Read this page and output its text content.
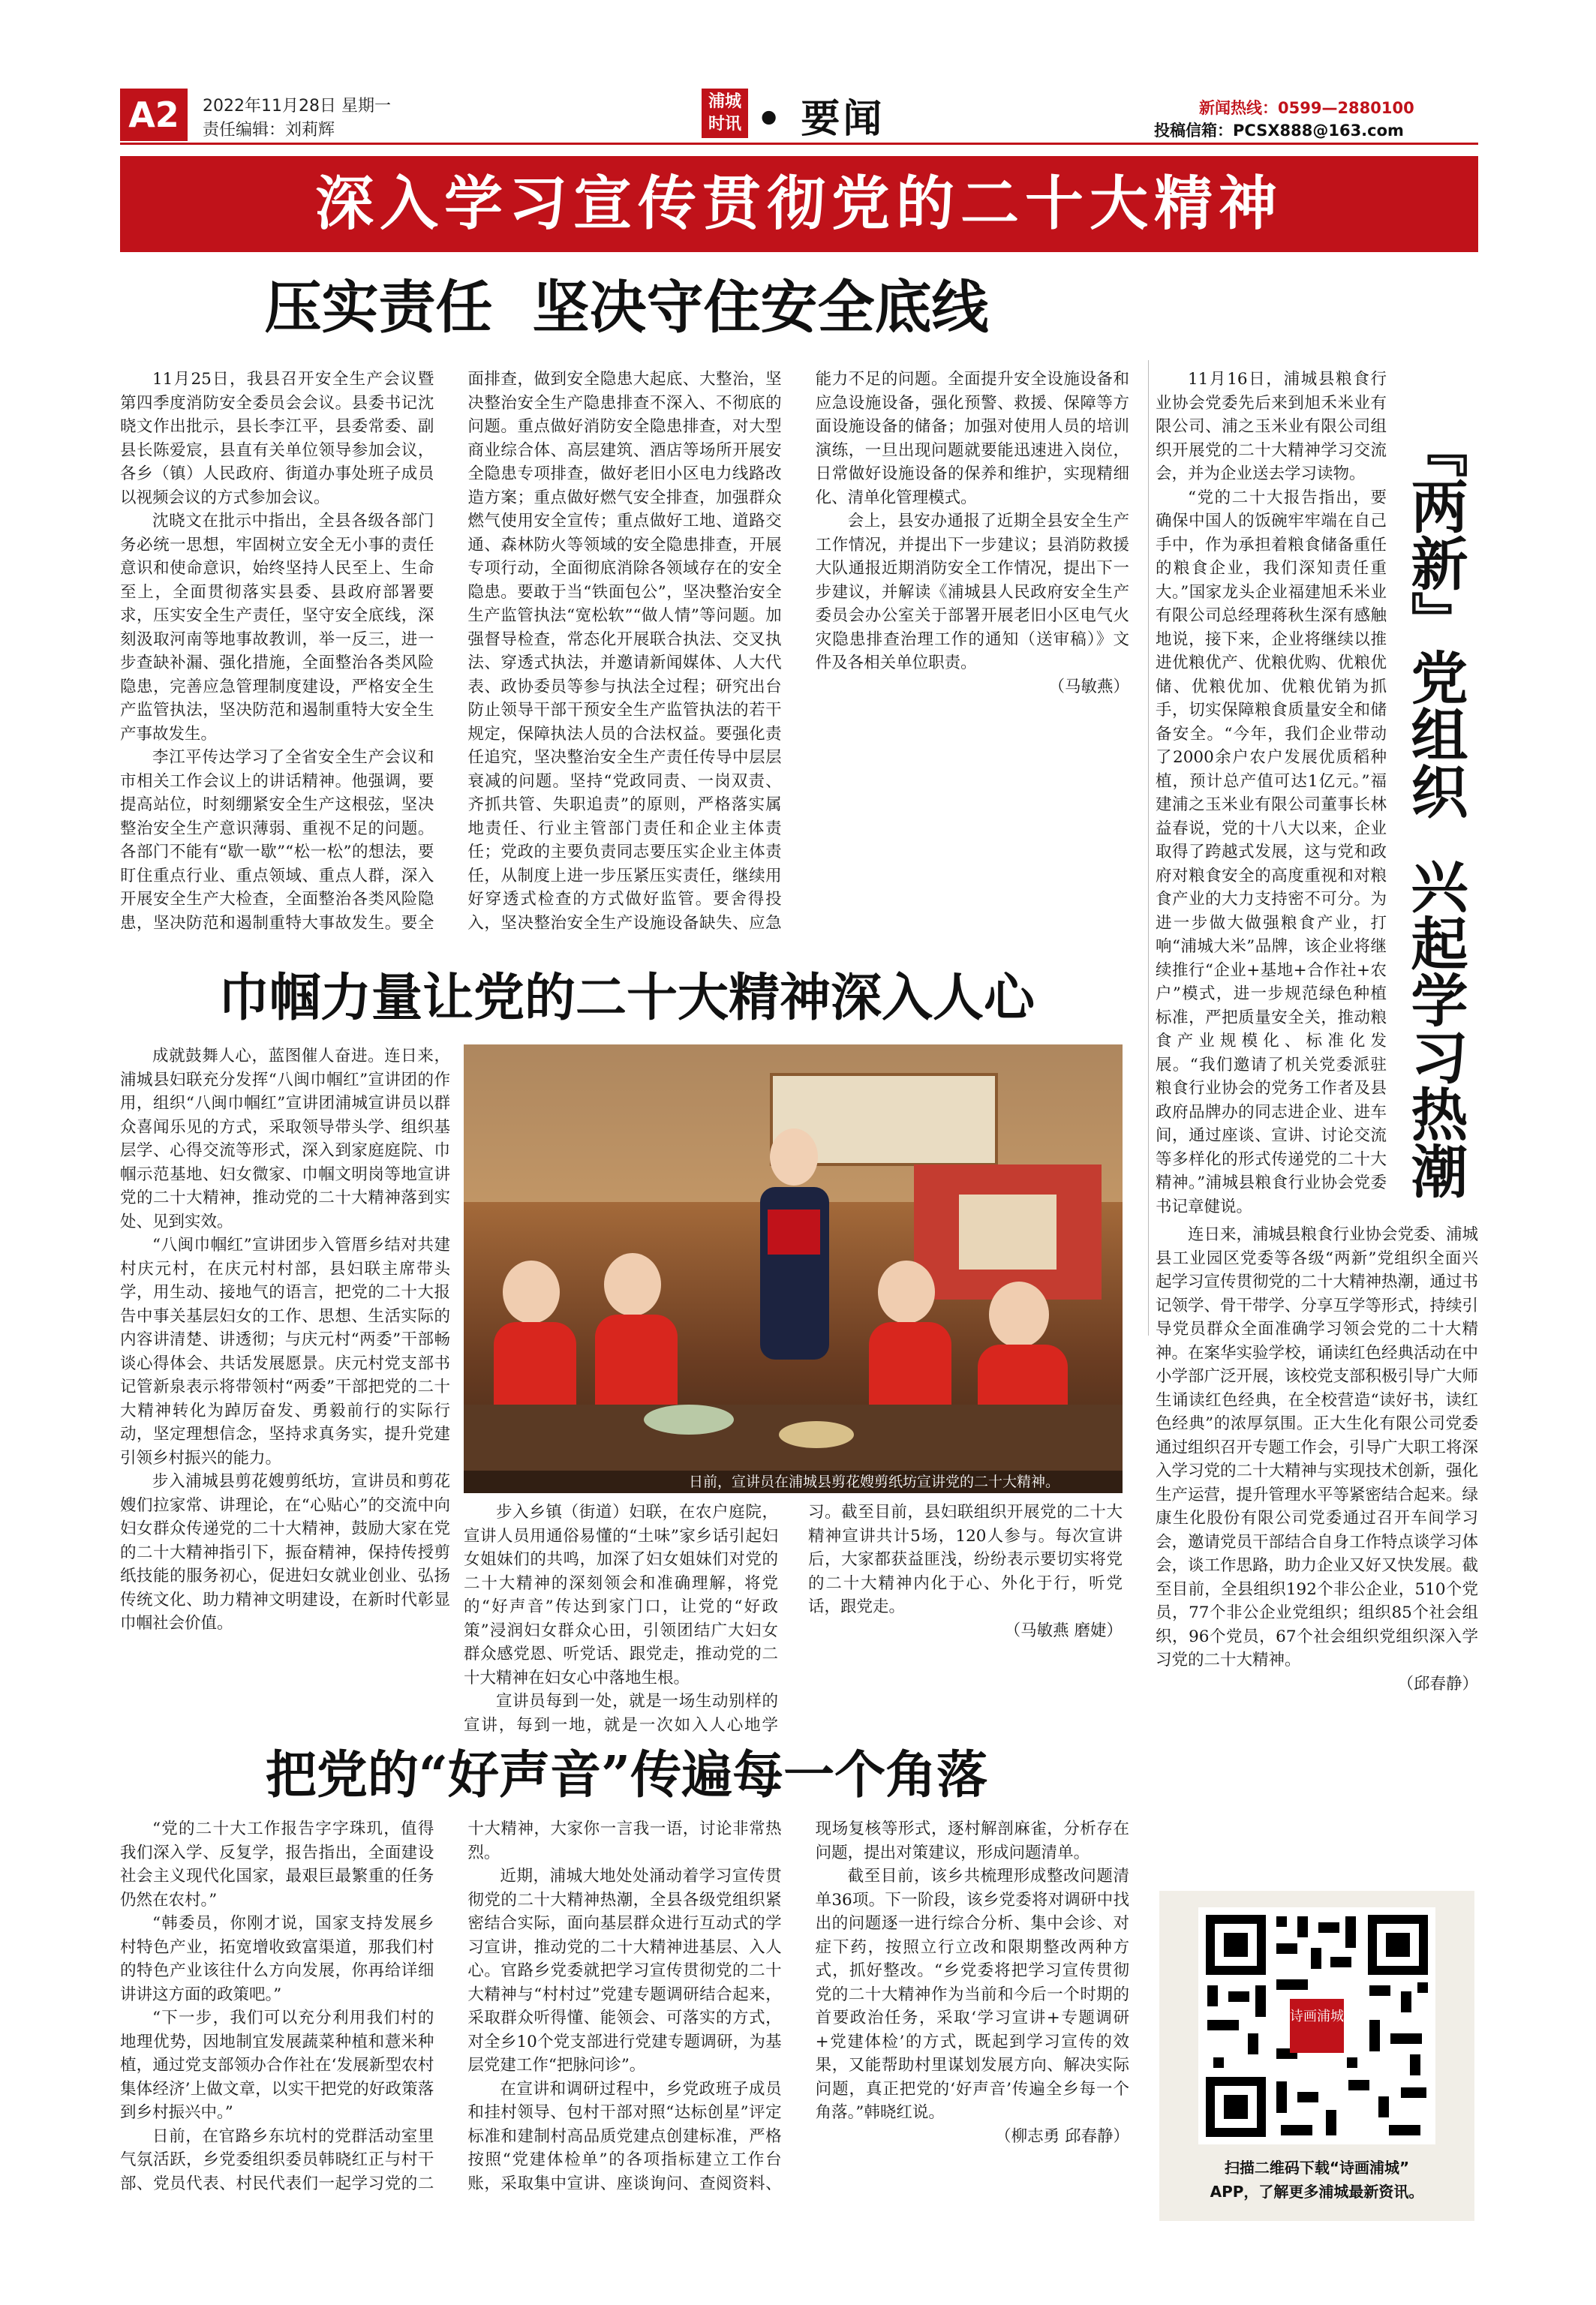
A2	2022年11月28日 星期一
责任编辑：刘莉辉
浦城时讯 • 要闻	新闻热线：0599—2880100
投稿信箱：PCSX888@163.com
深入学习宣传贯彻党的二十大精神
压实责任  坚决守住安全底线

11月25日，我县召开安全生产会议暨第四季度消防安全委员会会议。县委书记沈晓文作出批示，县长李江平，县委常委、副县长陈爱宸，县直有关单位领导参加会议，各乡（镇）人民政府、街道办事处班子成员以视频会议的方式参加会议。

沈晓文在批示中指出，全县各级各部门务必统一思想，牢固树立安全无小事的责任意识和使命意识，始终坚持人民至上、生命至上，全面贯彻落实县委、县政府部署要求，压实安全生产责任，坚守安全底线，深刻汲取河南等地事故教训，举一反三，进一步查缺补漏、强化措施，全面整治各类风险隐患，完善应急管理制度建设，严格安全生产监管执法，坚决防范和遏制重特大安全生产事故发生。

李江平传达学习了全省安全生产会议和市相关工作会议上的讲话精神。他强调，要提高站位，时刻绷紧安全生产这根弦，坚决整治安全生产意识薄弱、重视不足的问题。各部门不能有“歇一歇”“松一松”的想法，要盯住重点行业、重点领域、重点人群，深入开展安全生产大检查，全面整治各类风险隐患，坚决防范和遏制重特大事故发生。要全面排查，做到安全隐患大起底、大整治，坚决整治安全生产隐患排查不深入、不彻底的问题。重点做好消防安全隐患排查，对大型商业综合体、高层建筑、酒店等场所开展安全隐患专项排查，做好老旧小区电力线路改造方案；重点做好燃气安全排查，加强群众燃气使用安全宣传；重点做好工地、道路交通、森林防火等领域的安全隐患排查，开展专项行动，全面彻底消除各领域存在的安全隐患。要敢于当“铁面包公”，坚决整治安全生产监管执法“宽松软”“做人情”等问题。加强督导检查，常态化开展联合执法、交叉执法、穿透式执法，并邀请新闻媒体、人大代表、政协委员等参与执法全过程；研究出台防止领导干部干预安全生产监管执法的若干规定，保障执法人员的合法权益。要强化责任追究，坚决整治安全生产责任传导中层层衰减的问题。坚持“党政同责、一岗双责、齐抓共管、失职追责”的原则，严格落实属地责任、行业主管部门责任和企业主体责任；党政的主要负责同志要压实企业主体责任，从制度上进一步压紧压实责任，继续用好穿透式检查的方式做好监管。要舍得投入，坚决整治安全生产设施设备缺失、应急能力不足的问题。全面提升安全设施设备和应急设施设备，强化预警、救援、保障等方面设施设备的储备；加强对使用人员的培训演练，一旦出现问题就要能迅速进入岗位，日常做好设施设备的保养和维护，实现精细化、清单化管理模式。

会上，县安办通报了近期全县安全生产工作情况，并提出下一步建议；县消防救援大队通报近期消防安全工作情况，提出下一步建议，并解读《浦城县人民政府安全生产委员会办公室关于部署开展老旧小区电气火灾隐患排查治理工作的通知（送审稿）》文件及各相关单位职责。

（马敏燕）
巾帼力量让党的二十大精神深入人心

成就鼓舞人心，蓝图催人奋进。连日来，浦城县妇联充分发挥“八闽巾帼红”宣讲团的作用，组织“八闽巾帼红”宣讲团浦城宣讲员以群众喜闻乐见的方式，采取领导带头学、组织基层学、心得交流等形式，深入到家庭庭院、巾帼示范基地、妇女微家、巾帼文明岗等地宣讲党的二十大精神，推动党的二十大精神落到实处、见到实效。

“八闽巾帼红”宣讲团步入管厝乡结对共建村庆元村，在庆元村村部，县妇联主席带头学，用生动、接地气的语言，把党的二十大报告中事关基层妇女的工作、思想、生活实际的内容讲清楚、讲透彻；与庆元村“两委”干部畅谈心得体会、共话发展愿景。庆元村党支部书记管新泉表示将带领村“两委”干部把党的二十大精神转化为踔厉奋发、勇毅前行的实际行动，坚定理想信念，坚持求真务实，提升党建引领乡村振兴的能力。

步入浦城县剪花嫂剪纸坊，宣讲员和剪花嫂们拉家常、讲理论，在“心贴心”的交流中向妇女群众传递党的二十大精神，鼓励大家在党的二十大精神指引下，振奋精神，保持传授剪纸技能的服务初心，促进妇女就业创业、弘扬传统文化、助力精神文明建设，在新时代彰显巾帼社会价值。

日前，宣讲员在浦城县剪花嫂剪纸坊宣讲党的二十大精神。

步入乡镇（街道）妇联，在农户庭院，宣讲人员用通俗易懂的“土味”家乡话引起妇女姐妹们的共鸣，加深了妇女姐妹们对党的二十大精神的深刻领会和准确理解，将党的“好声音”传达到家门口，让党的“好政策”浸润妇女群众心田，引领团结广大妇女群众感党恩、听党话、跟党走，推动党的二十大精神在妇女心中落地生根。

宣讲员每到一处，就是一场生动别样的宣讲，每到一地，就是一次如入人心地学习。截至目前，县妇联组织开展党的二十大精神宣讲共计5场，120人参与。每次宣讲后，大家都获益匪浅，纷纷表示要切实将党的二十大精神内化于心、外化于行，听党话，跟党走。

（马敏燕 磨婕）
把党的“好声音”传遍每一个角落

“党的二十大工作报告字字珠玑，值得我们深入学、反复学，报告指出，全面建设社会主义现代化国家，最艰巨最繁重的任务仍然在农村。”

“韩委员，你刚才说，国家支持发展乡村特色产业，拓宽增收致富渠道，那我们村的特色产业该往什么方向发展，你再给详细讲讲这方面的政策吧。”

“下一步，我们可以充分利用我们村的地理优势，因地制宜发展蔬菜种植和薏米种植，通过党支部领办合作社在‘发展新型农村集体经济’上做文章，以实干把党的好政策落到乡村振兴中。”

日前，在官路乡东坑村的党群活动室里气氛活跃，乡党委组织委员韩晓红正与村干部、党员代表、村民代表们一起学习党的二十大精神，大家你一言我一语，讨论非常热烈。

近期，浦城大地处处涌动着学习宣传贯彻党的二十大精神热潮，全县各级党组织紧密结合实际，面向基层群众进行互动式的学习宣讲，推动党的二十大精神进基层、入人心。官路乡党委就把学习宣传贯彻党的二十大精神与“村村过”党建专题调研结合起来，采取群众听得懂、能领会、可落实的方式，对全乡10个党支部进行党建专题调研，为基层党建工作“把脉问诊”。

在宣讲和调研过程中，乡党政班子成员和挂村领导、包村干部对照“达标创星”评定标准和建制村高品质党建点创建标准，严格按照“党建体检单”的各项指标建立工作台账，采取集中宣讲、座谈询问、查阅资料、现场复核等形式，逐村解剖麻雀，分析存在问题，提出对策建议，形成问题清单。

截至目前，该乡共梳理形成整改问题清单36项。下一阶段，该乡党委将对调研中找出的问题逐一进行综合分析、集中会诊、对症下药，按照立行立改和限期整改两种方式，抓好整改。“乡党委将把学习宣传贯彻党的二十大精神作为当前和今后一个时期的首要政治任务，采取‘学习宣讲+专题调研+党建体检’的方式，既起到学习宣传的效果，又能帮助村里谋划发展方向、解决实际问题，真正把党的‘好声音’传遍全乡每一个角落。”韩晓红说。

（柳志勇 邱春静）
『两新』党组织
兴起学习热潮

11月16日，浦城县粮食行业协会党委先后来到旭禾米业有限公司、浦之玉米业有限公司组织开展党的二十大精神学习交流会，并为企业送去学习读物。

“党的二十大报告指出，要确保中国人的饭碗牢牢端在自己手中，作为承担着粮食储备重任的粮食企业，我们深知责任重大。”国家龙头企业福建旭禾米业有限公司总经理蒋秋生深有感触地说，接下来，企业将继续以推进优粮优产、优粮优购、优粮优储、优粮优加、优粮优销为抓手，切实保障粮食质量安全和储备安全。“今年，我们企业带动了2000余户农户发展优质稻种植，预计总产值可达1亿元。”福建浦之玉米业有限公司董事长林益春说，党的十八大以来，企业取得了跨越式发展，这与党和政府对粮食安全的高度重视和对粮食产业的大力支持密不可分。为进一步做大做强粮食产业，打响“浦城大米”品牌，该企业将继续推行“企业+基地+合作社+农户”模式，进一步规范绿色种植标准，严把质量安全关，推动粮食产业规模化、标准化发展。“我们邀请了机关党委派驻粮食行业协会的党务工作者及县政府品牌办的同志进企业、进车间，通过座谈、宣讲、讨论交流等多样化的形式传递党的二十大精神。”浦城县粮食行业协会党委书记章健说。

连日来，浦城县粮食行业协会党委、浦城县工业园区党委等各级“两新”党组织全面兴起学习宣传贯彻党的二十大精神热潮，通过书记领学、骨干带学、分享互学等形式，持续引导党员群众全面准确学习领会党的二十大精神。在案华实验学校，诵读红色经典活动在中小学部广泛开展，该校党支部积极引导广大师生诵读红色经典，在全校营造“读好书，读红色经典”的浓厚氛围。正大生化有限公司党委通过组织召开专题工作会，引导广大职工将深入学习党的二十大精神与实现技术创新，强化生产运营，提升管理水平等紧密结合起来。绿康生化股份有限公司党委通过召开车间学习会，邀请党员干部结合自身工作特点谈学习体会，谈工作思路，助力企业又好又快发展。截至目前，全县组织192个非公企业，510个党员，77个非公企业党组织；组织85个社会组织，96个党员，67个社会组织党组织深入学习党的二十大精神。

（邱春静）
诗画浦城
扫描二维码下载“诗画浦城”
APP，了解更多浦城最新资讯。
